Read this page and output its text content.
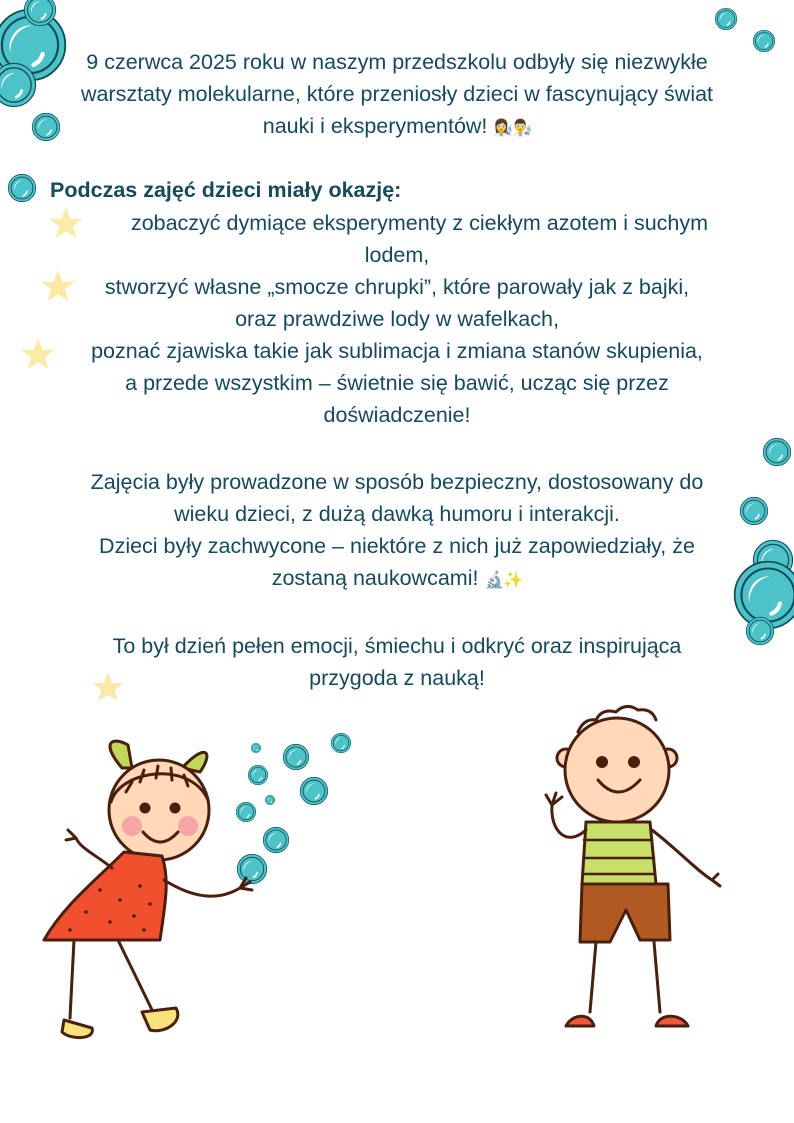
9 czerwca 2025 roku w naszym przedszkolu odbyły się niezwykłe
warsztaty molekularne, które przeniosły dzieci w fascynujący świat
nauki i eksperymentów! 👩‍🔬👨‍🔬
Podczas zajęć dzieci miały okazję:
zobaczyć dymiące eksperymenty z ciekłym azotem i suchym
lodem,
stworzyć własne „smocze chrupki”, które parowały jak z bajki,
oraz prawdziwe lody w wafelkach,
poznać zjawiska takie jak sublimacja i zmiana stanów skupienia,
a przede wszystkim – świetnie się bawić, ucząc się przez
doświadczenie!
Zajęcia były prowadzone w sposób bezpieczny, dostosowany do
wieku dzieci, z dużą dawką humoru i interakcji.
Dzieci były zachwycone – niektóre z nich już zapowiedziały, że
zostaną naukowcami! 🔬✨
To był dzień pełen emocji, śmiechu i odkryć oraz inspirująca
przygoda z nauką!
